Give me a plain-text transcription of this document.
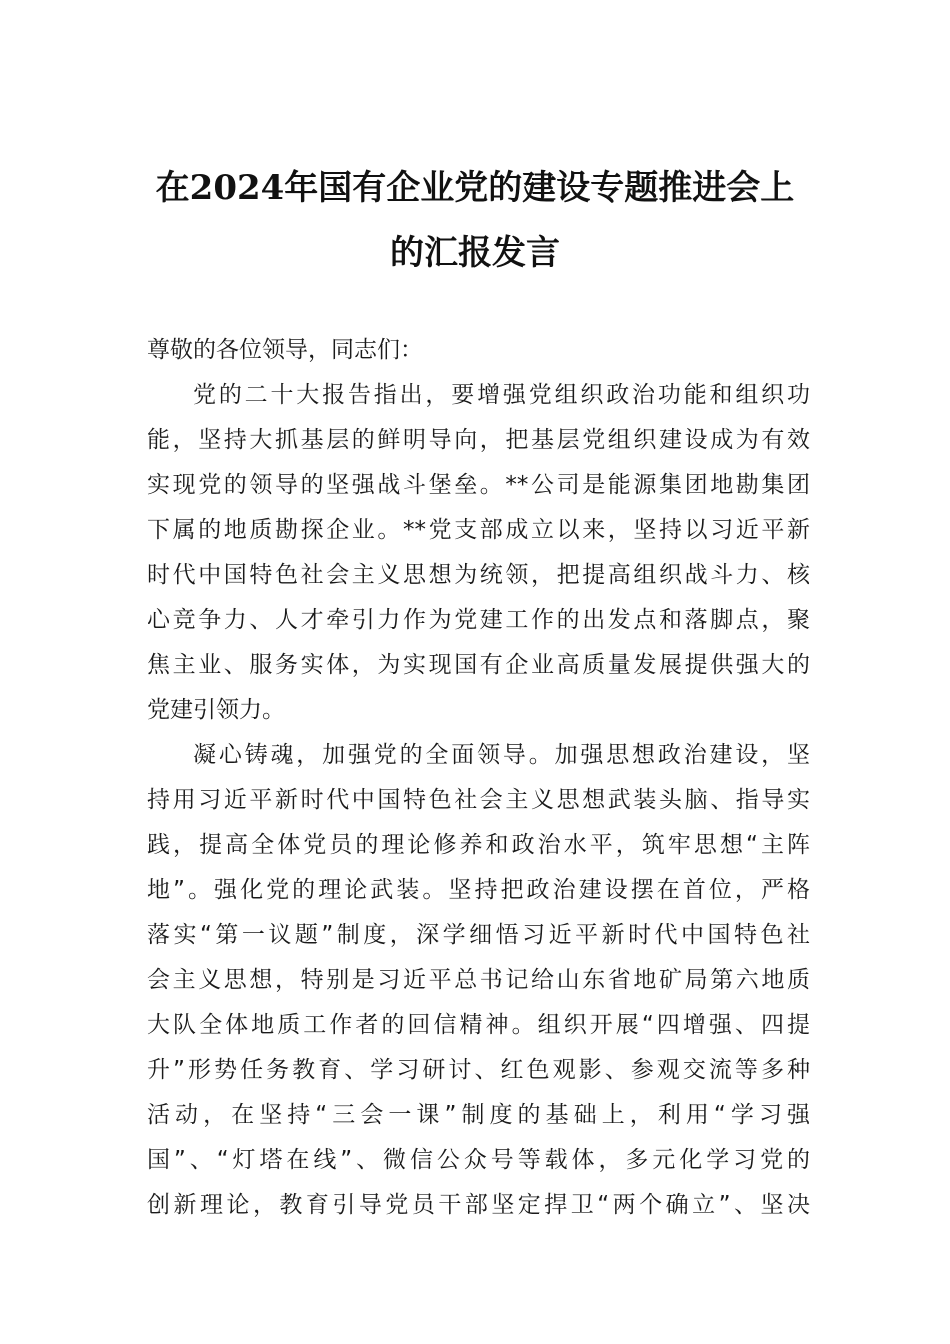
在2024年国有企业党的建设专题推进会上
的汇报发言
尊敬的各位领导，同志们：
党的二十大报告指出，要增强党组织政治功能和组织功
能，坚持大抓基层的鲜明导向，把基层党组织建设成为有效
实现党的领导的坚强战斗堡垒。**公司是能源集团地勘集团
下属的地质勘探企业。**党支部成立以来，坚持以习近平新
时代中国特色社会主义思想为统领，把提高组织战斗力、核
心竞争力、人才牵引力作为党建工作的出发点和落脚点，聚
焦主业、服务实体，为实现国有企业高质量发展提供强大的
党建引领力。
凝心铸魂，加强党的全面领导。加强思想政治建设，坚
持用习近平新时代中国特色社会主义思想武装头脑、指导实
践，提高全体党员的理论修养和政治水平，筑牢思想“主阵
地”。强化党的理论武装。坚持把政治建设摆在首位，严格
落实“第一议题”制度，深学细悟习近平新时代中国特色社
会主义思想，特别是习近平总书记给山东省地矿局第六地质
大队全体地质工作者的回信精神。组织开展“四增强、四提
升”形势任务教育、学习研讨、红色观影、参观交流等多种
活动，在坚持“三会一课”制度的基础上，利用“学习强
国”、“灯塔在线”、微信公众号等载体，多元化学习党的
创新理论，教育引导党员干部坚定捍卫“两个确立”、坚决
